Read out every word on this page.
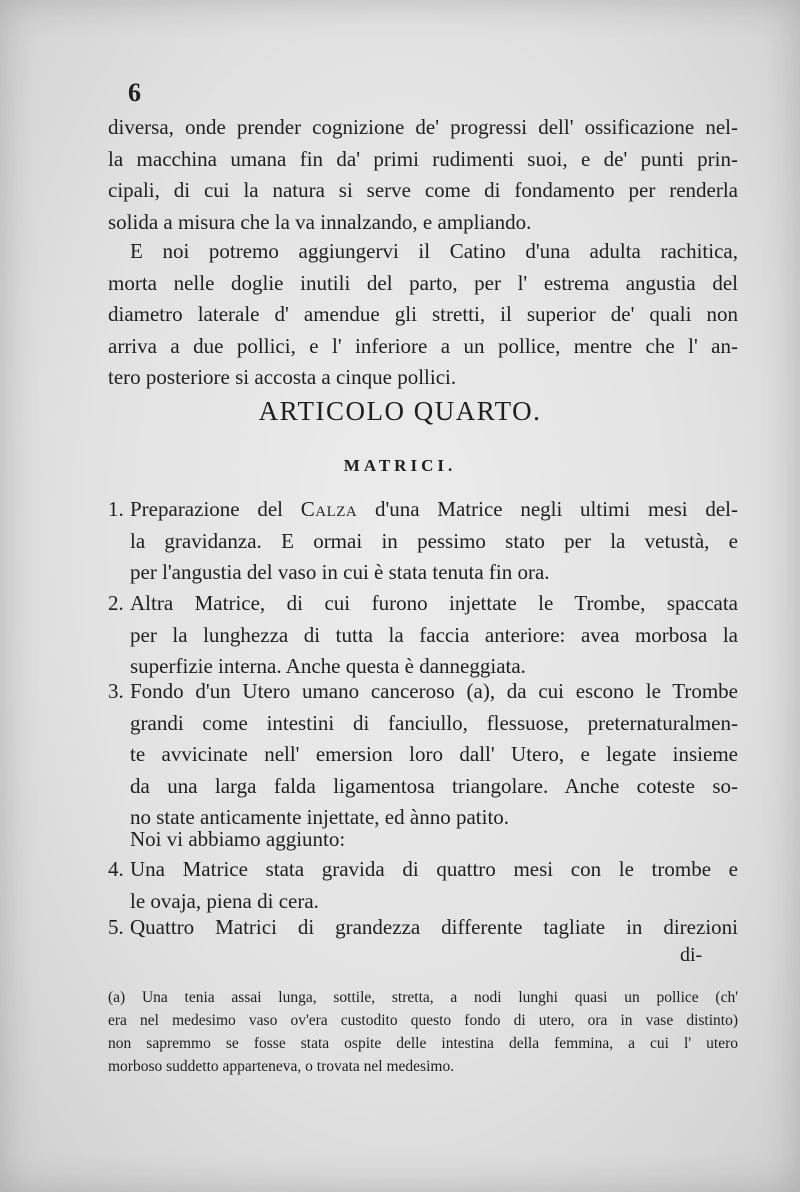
6
diversa, onde prender cognizione de' progressi dell' ossificazione nel-
la macchina umana fin da' primi rudimenti suoi, e de' punti prin-
cipali, di cui la natura si serve come di fondamento per renderla
solida a misura che la va innalzando, e ampliando.
E noi potremo aggiungervi il Catino d'una adulta rachitica,
morta nelle doglie inutili del parto, per l' estrema angustia del
diametro laterale d' amendue gli stretti, il superior de' quali non
arriva a due pollici, e l' inferiore a un pollice, mentre che l' an-
tero posteriore si accosta a cinque pollici.
ARTICOLO QUARTO.
MATRICI.
1. Preparazione del Calza d'una Matrice negli ultimi mesi del-
la gravidanza. E ormai in pessimo stato per la vetustà, e
per l'angustia del vaso in cui è stata tenuta fin ora.
2. Altra Matrice, di cui furono injettate le Trombe, spaccata
per la lunghezza di tutta la faccia anteriore: avea morbosa la
superfizie interna. Anche questa è danneggiata.
3. Fondo d'un Utero umano canceroso (a), da cui escono le Trombe
grandi come intestini di fanciullo, flessuose, preternaturalmen-
te avvicinate nell' emersion loro dall' Utero, e legate insieme
da una larga falda ligamentosa triangolare. Anche coteste so-
no state anticamente injettate, ed ànno patito.
Noi vi abbiamo aggiunto:
4. Una Matrice stata gravida di quattro mesi con le trombe e
le ovaja, piena di cera.
5. Quattro Matrici di grandezza differente tagliate in direzioni
di-
(a) Una tenia assai lunga, sottile, stretta, a nodi lunghi quasi un pollice (ch'
era nel medesimo vaso ov'era custodito questo fondo di utero, ora in vase distinto)
non sapremmo se fosse stata ospite delle intestina della femmina, a cui l' utero
morboso suddetto apparteneva, o trovata nel medesimo.
